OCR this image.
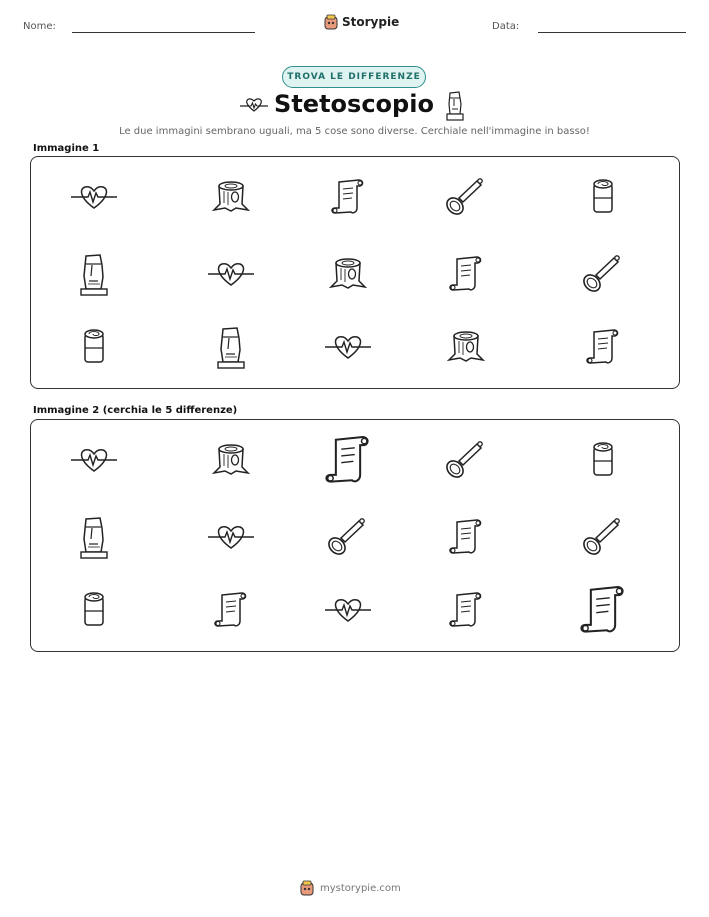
Nome:	Storypie	Data:
TROVA LE DIFFERENZE
Stetoscopio
Le due immagini sembrano uguali, ma 5 cose sono diverse. Cerchiale nell'immagine in basso!
Immagine 1
Immagine 2 (cerchia le 5 differenze)
mystorypie.com
